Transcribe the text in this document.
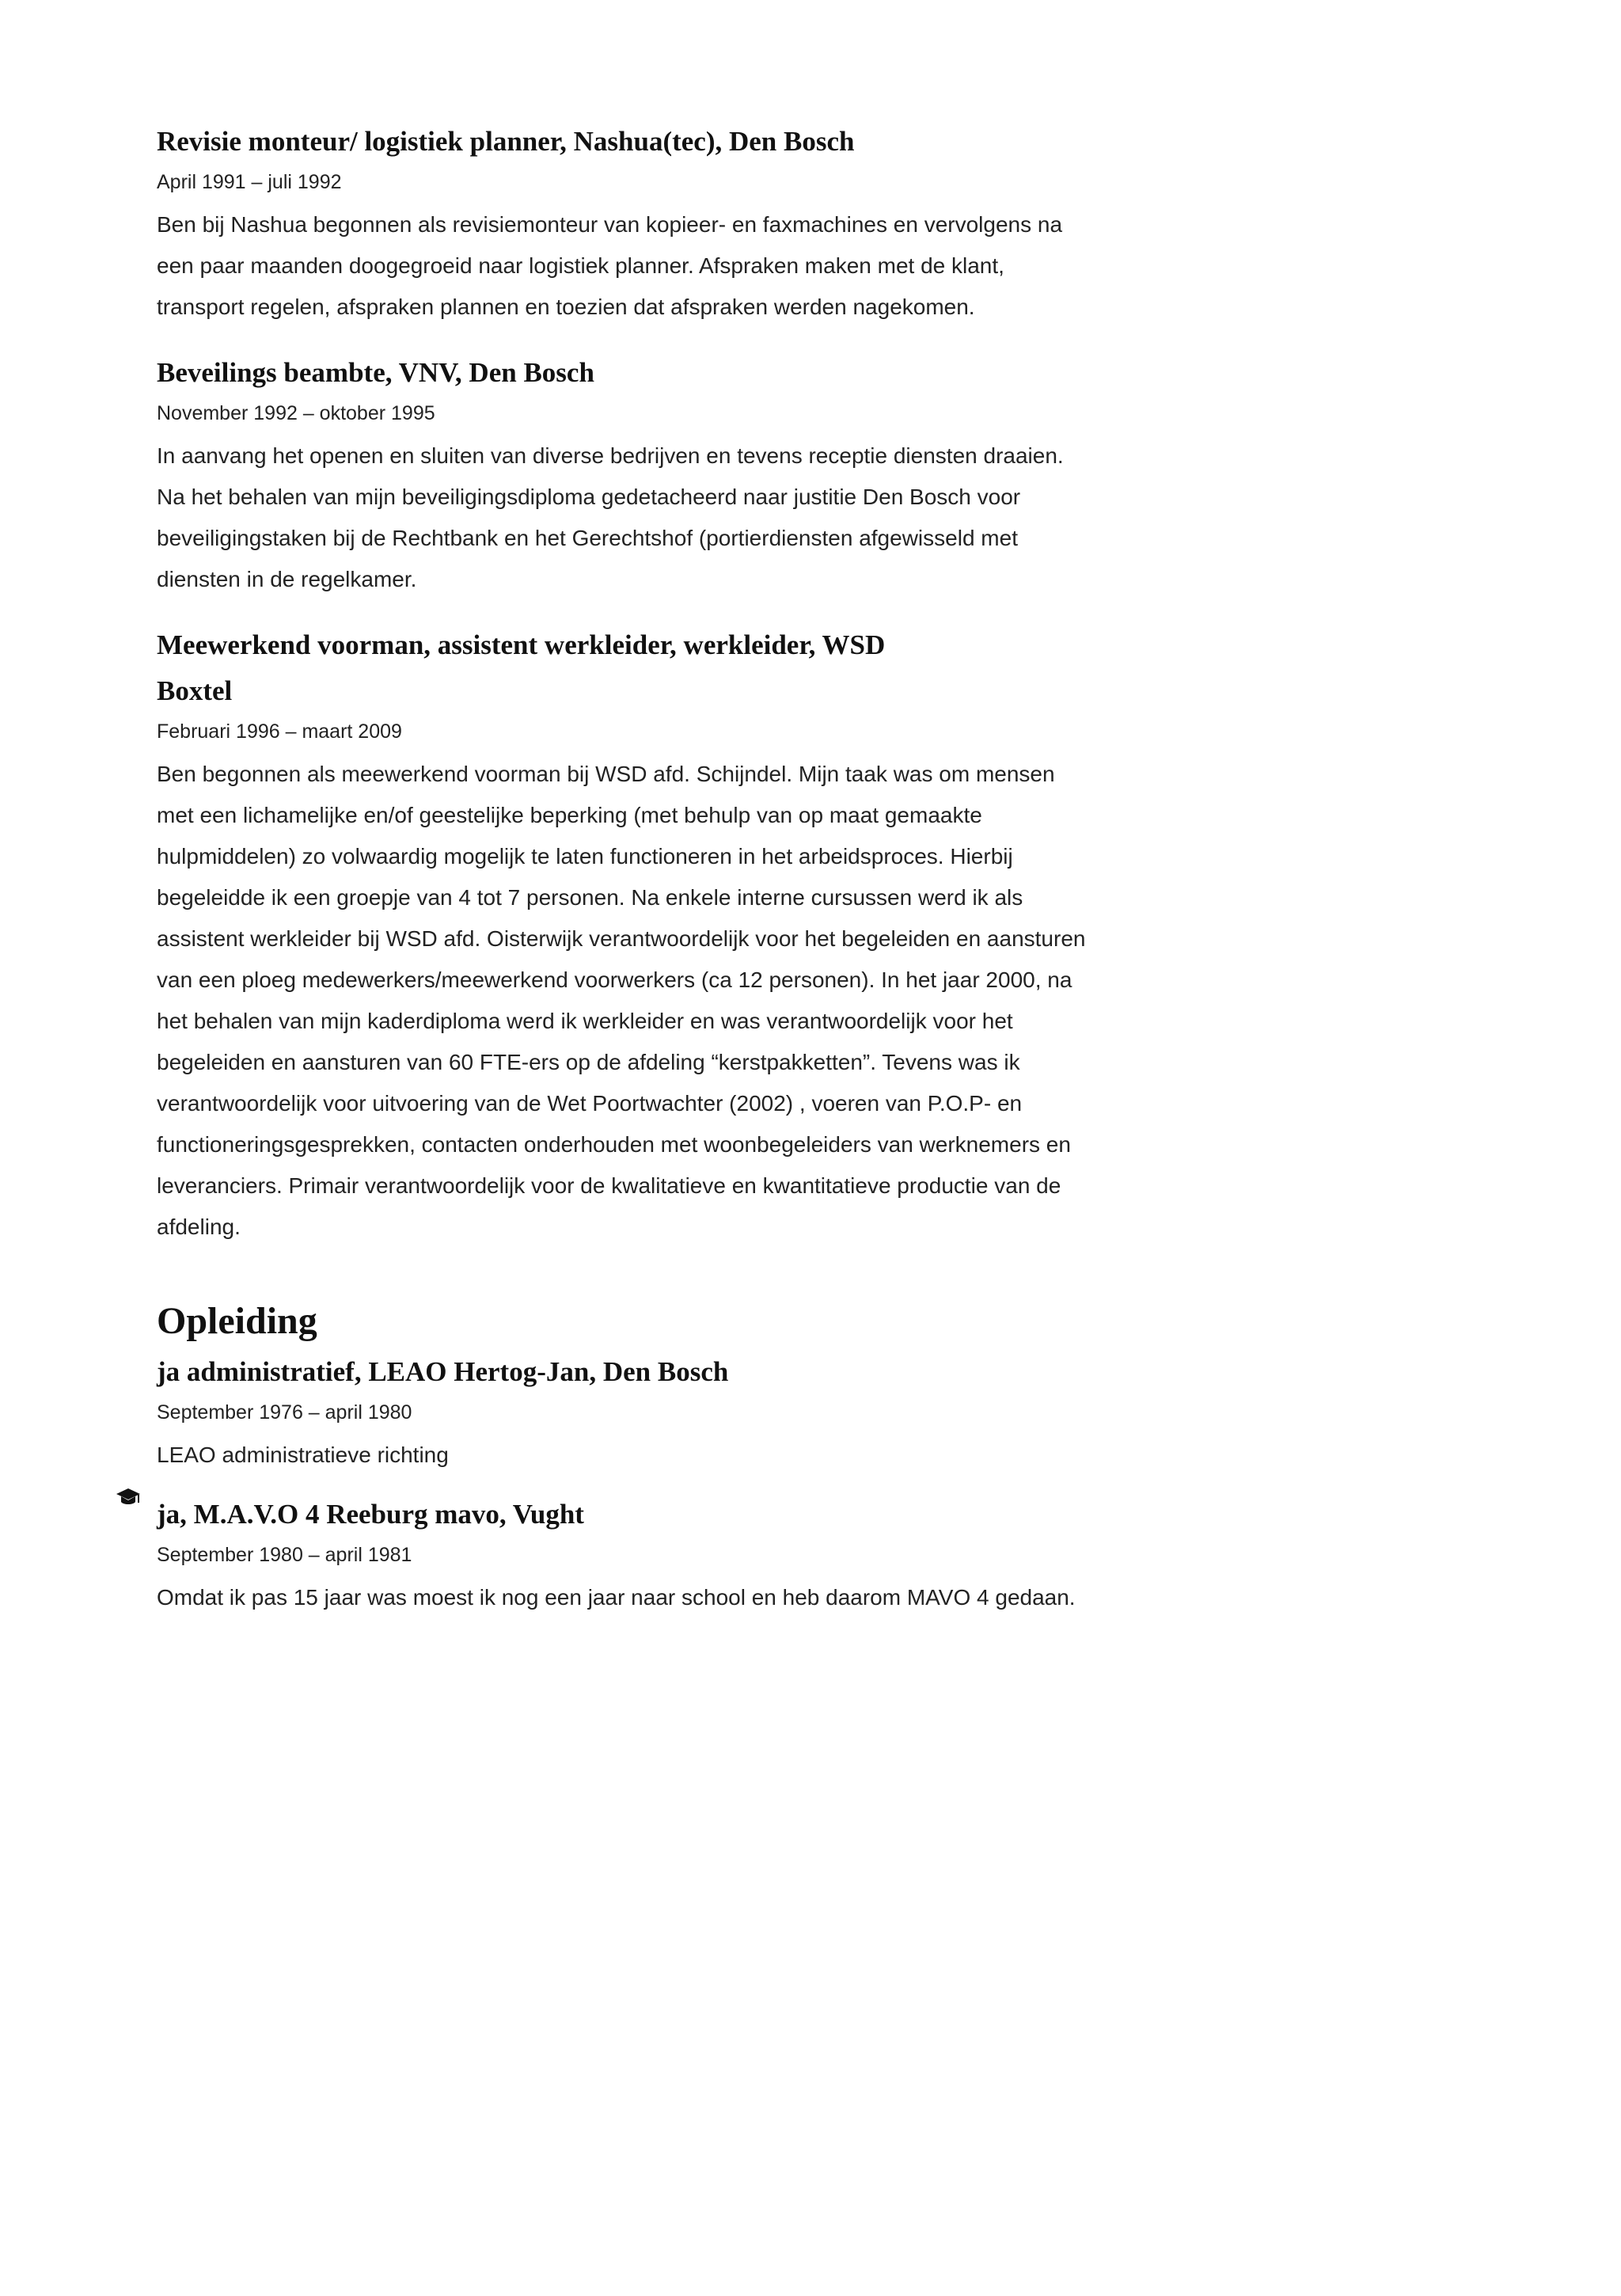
Revisie monteur/ logistiek planner, Nashua(tec), Den Bosch
April 1991 – juli 1992

Ben bij Nashua begonnen als revisiemonteur van kopieer- en faxmachines en vervolgens na een paar maanden doogegroeid naar logistiek planner. Afspraken maken met de klant, transport regelen, afspraken plannen en toezien dat afspraken werden nagekomen.

Beveilings beambte, VNV, Den Bosch
November 1992 – oktober 1995

In aanvang het openen en sluiten van diverse bedrijven en tevens receptie diensten draaien. Na het behalen van mijn beveiligingsdiploma gedetacheerd naar justitie Den Bosch voor beveiligingstaken bij de Rechtbank en het Gerechtshof (portierdiensten afgewisseld met diensten in de regelkamer.

Meewerkend voorman, assistent werkleider, werkleider, WSD Boxtel
Februari 1996 – maart 2009

Ben begonnen als meewerkend voorman bij WSD afd. Schijndel. Mijn taak was om mensen met een lichamelijke en/of geestelijke beperking (met behulp van op maat gemaakte hulpmiddelen) zo volwaardig mogelijk te laten functioneren in het arbeidsproces. Hierbij begeleidde ik een groepje van 4 tot 7 personen. Na enkele interne cursussen werd ik als assistent werkleider bij WSD afd. Oisterwijk verantwoordelijk voor het begeleiden en aansturen van een ploeg medewerkers/meewerkend voorwerkers (ca 12 personen). In het jaar 2000, na het behalen van mijn kaderdiploma werd ik werkleider en was verantwoordelijk voor het begeleiden en aansturen van 60 FTE-ers op de afdeling “kerstpakketten”. Tevens was ik verantwoordelijk voor uitvoering van de Wet Poortwachter (2002) , voeren van P.O.P- en functioneringsgesprekken, contacten onderhouden met woonbegeleiders van werknemers en leveranciers. Primair verantwoordelijk voor de kwalitatieve en kwantitatieve productie van de afdeling.

Opleiding
ja administratief, LEAO Hertog-Jan, Den Bosch
September 1976 – april 1980

LEAO administratieve richting

ja, M.A.V.O 4 Reeburg mavo, Vught
September 1980 – april 1981

Omdat ik pas 15 jaar was moest ik nog een jaar naar school en heb daarom MAVO 4 gedaan.
